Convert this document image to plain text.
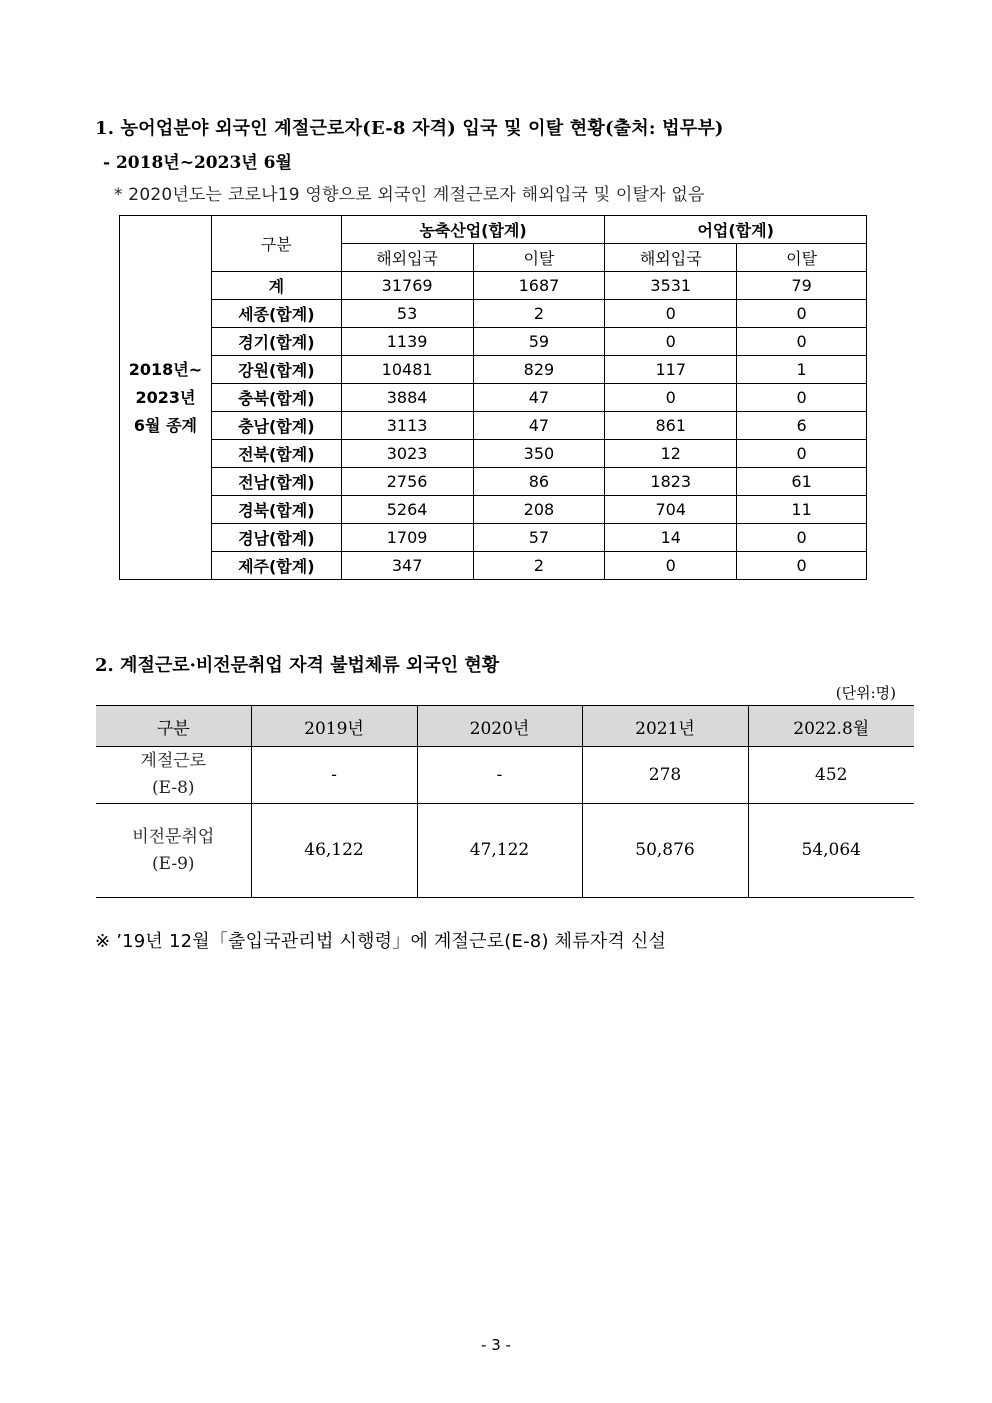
1. 농어업분야 외국인 계절근로자(E-8 자격) 입국 및 이탈 현황(출처: 법무부)
- 2018년~2023년 6월
* 2020년도는 코로나19 영향으로 외국인 계절근로자 해외입국 및 이탈자 없음
2018년~
2023년
6월 종계	구분	농축산업(합계)		어업(합계)	
		해외입국	이탈	해외입국	이탈
	계	31769	1687	3531	79
	세종(합계)	53	2	0	0
	경기(합계)	1139	59	0	0
	강원(합계)	10481	829	117	1
	충북(합계)	3884	47	0	0
	충남(합계)	3113	47	861	6
	전북(합계)	3023	350	12	0
	전남(합계)	2756	86	1823	61
	경북(합계)	5264	208	704	11
	경남(합계)	1709	57	14	0
	제주(합계)	347	2	0	0
2. 계절근로·비전문취업 자격 불법체류 외국인 현황
(단위:명)
구분	2019년	2020년	2021년	2022.8월

계절근로
(E-8)	-	-	278	452

비전문취업
(E-9)	46,122	47,122	50,876	54,064
※ ’19년 12월「출입국관리법 시행령」에 계절근로(E-8) 체류자격 신설
- 3 -
